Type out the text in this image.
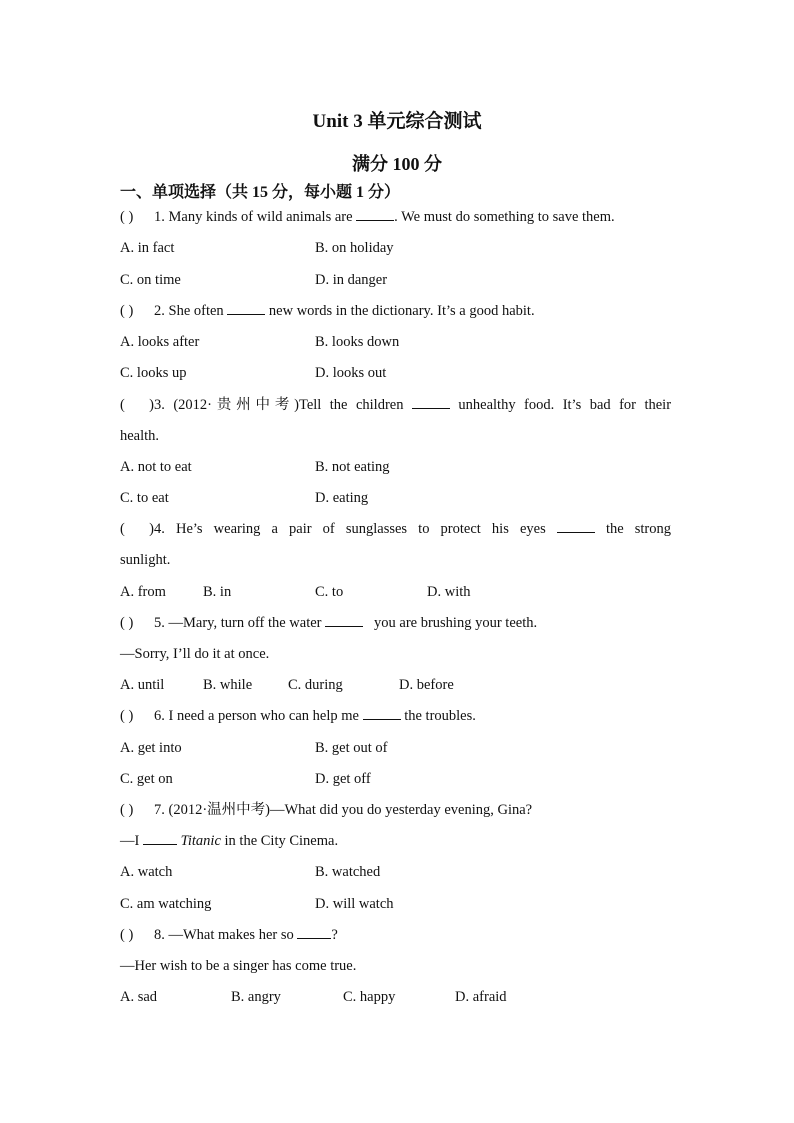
Unit 3 单元综合测试
满分 100 分
一、单项选择（共 15 分，每小题 1 分）
( ) 1. Many kinds of wild animals are	. We must do something to save them.
A. in fact	B. on holiday
C. on time	D. in danger
( ) 2. She often	new words in the dictionary. It’s a good habit.
A. looks after	B. looks down
C. looks up	D. looks out
( )3. (2012·贵州中考)Tell the children	unhealthy food. It’s bad for their
health.
A. not to eat	B. not eating
C. to eat	D. eating
( )4. He’s wearing a pair of sunglasses to protect his eyes	the strong
sunlight.
A. from	B. in	C. to	D. with
( ) 5. —Mary, turn off the water	you are brushing your teeth.
—Sorry, I’ll do it at once.
A. until	B. while C. during	D. before
( ) 6. I need a person who can help me	the troubles.
A. get into	B. get out of
C. get on	D. get off
( ) 7. (2012·温州中考)—What did you do yesterday evening, Gina?
—I	Titanic in the City Cinema.
A. watch	B. watched
C. am watching	D. will watch
( ) 8. —What makes her so	?
—Her wish to be a singer has come true.
A. sad	B. angry	C. happy	D. afraid
